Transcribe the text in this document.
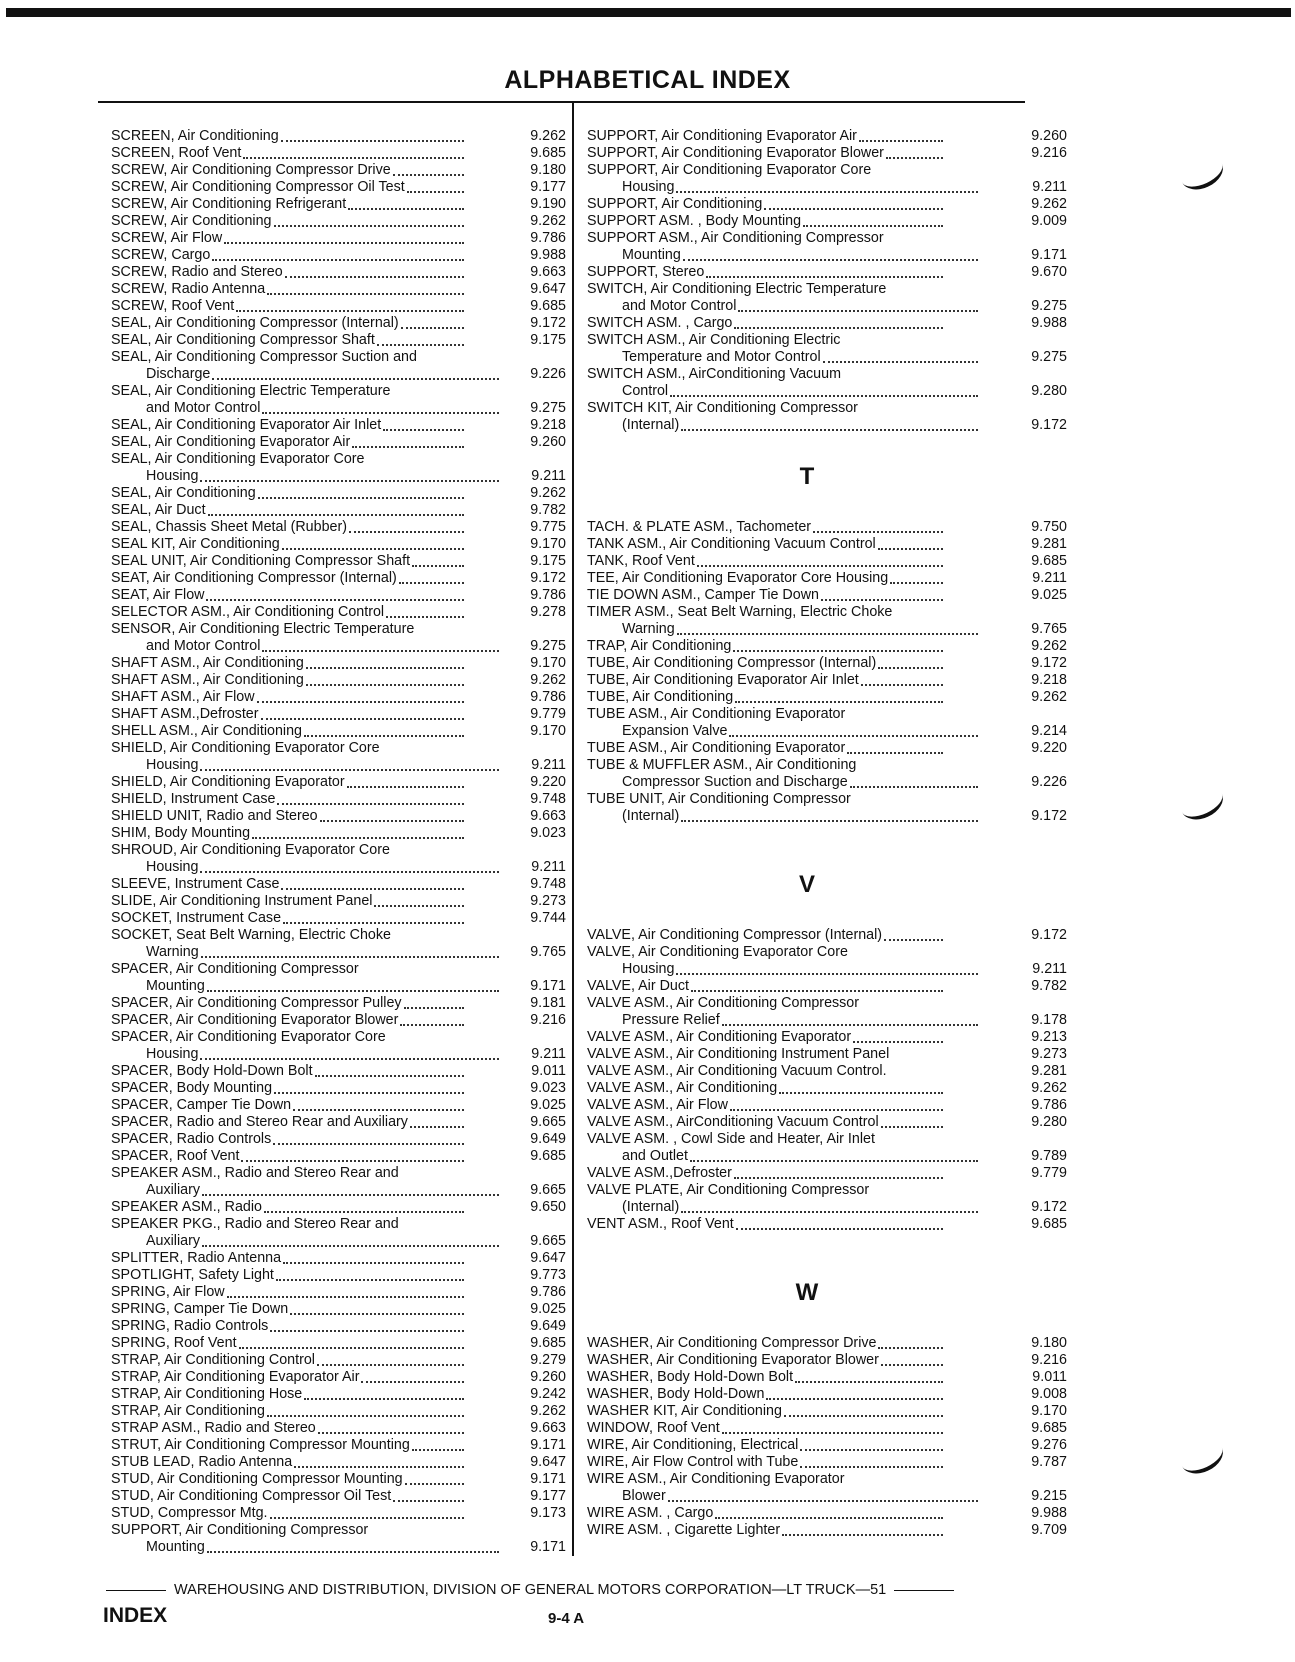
ALPHABETICAL INDEX
SCREEN, Air Conditioning	9.262
SCREEN, Roof Vent	9.685
SCREW, Air Conditioning Compressor Drive	9.180
SCREW, Air Conditioning Compressor Oil Test	9.177
SCREW, Air Conditioning Refrigerant	9.190
SCREW, Air Conditioning	9.262
SCREW, Air Flow	9.786
SCREW, Cargo	9.988
SCREW, Radio and Stereo	9.663
SCREW, Radio Antenna	9.647
SCREW, Roof Vent	9.685
SEAL, Air Conditioning Compressor (Internal)	9.172
SEAL, Air Conditioning Compressor Shaft	9.175
SEAL, Air Conditioning Compressor Suction and
Discharge	9.226
SEAL, Air Conditioning Electric Temperature
and Motor Control	9.275
SEAL, Air Conditioning Evaporator Air Inlet	9.218
SEAL, Air Conditioning Evaporator Air	9.260
SEAL, Air Conditioning Evaporator Core
Housing	9.211
SEAL, Air Conditioning	9.262
SEAL, Air Duct	9.782
SEAL, Chassis Sheet Metal (Rubber)	9.775
SEAL KIT, Air Conditioning	9.170
SEAL UNIT, Air Conditioning Compressor Shaft	9.175
SEAT, Air Conditioning Compressor (Internal)	9.172
SEAT, Air Flow	9.786
SELECTOR ASM., Air Conditioning Control	9.278
SENSOR, Air Conditioning Electric Temperature
and Motor Control	9.275
SHAFT ASM., Air Conditioning	9.170
SHAFT ASM., Air Conditioning	9.262
SHAFT ASM., Air Flow	9.786
SHAFT ASM.,Defroster	9.779
SHELL ASM., Air Conditioning	9.170
SHIELD, Air Conditioning Evaporator Core
Housing	9.211
SHIELD, Air Conditioning Evaporator	9.220
SHIELD, Instrument Case	9.748
SHIELD UNIT, Radio and Stereo	9.663
SHIM, Body Mounting	9.023
SHROUD, Air Conditioning Evaporator Core
Housing	9.211
SLEEVE, Instrument Case	9.748
SLIDE, Air Conditioning Instrument Panel	9.273
SOCKET, Instrument Case	9.744
SOCKET, Seat Belt Warning, Electric Choke
Warning	9.765
SPACER, Air Conditioning Compressor
Mounting	9.171
SPACER, Air Conditioning Compressor Pulley	9.181
SPACER, Air Conditioning Evaporator Blower	9.216
SPACER, Air Conditioning Evaporator Core
Housing	9.211
SPACER, Body Hold-Down Bolt	9.011
SPACER, Body Mounting	9.023
SPACER, Camper Tie Down	9.025
SPACER, Radio and Stereo Rear and Auxiliary	9.665
SPACER, Radio Controls	9.649
SPACER, Roof Vent	9.685
SPEAKER ASM., Radio and Stereo Rear and
Auxiliary	9.665
SPEAKER ASM., Radio	9.650
SPEAKER PKG., Radio and Stereo Rear and
Auxiliary	9.665
SPLITTER, Radio Antenna	9.647
SPOTLIGHT, Safety Light	9.773
SPRING, Air Flow	9.786
SPRING, Camper Tie Down	9.025
SPRING, Radio Controls	9.649
SPRING, Roof Vent	9.685
STRAP, Air Conditioning Control	9.279
STRAP, Air Conditioning Evaporator Air	9.260
STRAP, Air Conditioning Hose	9.242
STRAP, Air Conditioning	9.262
STRAP ASM., Radio and Stereo	9.663
STRUT, Air Conditioning Compressor Mounting	9.171
STUB LEAD, Radio Antenna	9.647
STUD, Air Conditioning Compressor Mounting	9.171
STUD, Air Conditioning Compressor Oil Test	9.177
STUD, Compressor Mtg.	9.173
SUPPORT, Air Conditioning Compressor
Mounting	9.171
SUPPORT, Air Conditioning Evaporator Air	9.260
SUPPORT, Air Conditioning Evaporator Blower	9.216
SUPPORT, Air Conditioning Evaporator Core
Housing	9.211
SUPPORT, Air Conditioning	9.262
SUPPORT ASM. , Body Mounting	9.009
SUPPORT ASM., Air Conditioning Compressor
Mounting	9.171
SUPPORT, Stereo	9.670
SWITCH, Air Conditioning Electric Temperature
and Motor Control	9.275
SWITCH ASM. , Cargo	9.988
SWITCH ASM., Air Conditioning Electric
Temperature and Motor Control	9.275
SWITCH ASM., AirConditioning Vacuum
Control	9.280
SWITCH KIT, Air Conditioning Compressor
(Internal)	9.172
T
TACH. & PLATE ASM., Tachometer	9.750
TANK ASM., Air Conditioning Vacuum Control	9.281
TANK, Roof Vent	9.685
TEE, Air Conditioning Evaporator Core Housing	9.211
TIE DOWN ASM., Camper Tie Down	9.025
TIMER ASM., Seat Belt Warning, Electric Choke
Warning	9.765
TRAP, Air Conditioning	9.262
TUBE, Air Conditioning Compressor (Internal)	9.172
TUBE, Air Conditioning Evaporator Air Inlet	9.218
TUBE, Air Conditioning	9.262
TUBE ASM., Air Conditioning Evaporator
Expansion Valve	9.214
TUBE ASM., Air Conditioning Evaporator	9.220
TUBE & MUFFLER ASM., Air Conditioning
Compressor Suction and Discharge	9.226
TUBE UNIT, Air Conditioning Compressor
(Internal)	9.172
V
VALVE, Air Conditioning Compressor (Internal)	9.172
VALVE, Air Conditioning Evaporator Core
Housing	9.211
VALVE, Air Duct	9.782
VALVE ASM., Air Conditioning Compressor
Pressure Relief	9.178
VALVE ASM., Air Conditioning Evaporator	9.213
VALVE ASM., Air Conditioning Instrument Panel	9.273
VALVE ASM., Air Conditioning Vacuum Control.	9.281
VALVE ASM., Air Conditioning	9.262
VALVE ASM., Air Flow	9.786
VALVE ASM., AirConditioning Vacuum Control	9.280
VALVE ASM. , Cowl Side and Heater, Air Inlet
and Outlet	9.789
VALVE ASM.,Defroster	9.779
VALVE PLATE, Air Conditioning Compressor
(Internal)	9.172
VENT ASM., Roof Vent	9.685
W
WASHER, Air Conditioning Compressor Drive	9.180
WASHER, Air Conditioning Evaporator Blower	9.216
WASHER, Body Hold-Down Bolt	9.011
WASHER, Body Hold-Down	9.008
WASHER KIT, Air Conditioning	9.170
WINDOW, Roof Vent	9.685
WIRE, Air Conditioning, Electrical	9.276
WIRE, Air Flow Control with Tube	9.787
WIRE ASM., Air Conditioning Evaporator
Blower	9.215
WIRE ASM. , Cargo	9.988
WIRE ASM. , Cigarette Lighter	9.709
WAREHOUSING AND DISTRIBUTION, DIVISION OF GENERAL MOTORS CORPORATION—LT TRUCK—51
INDEX	9-4 A
